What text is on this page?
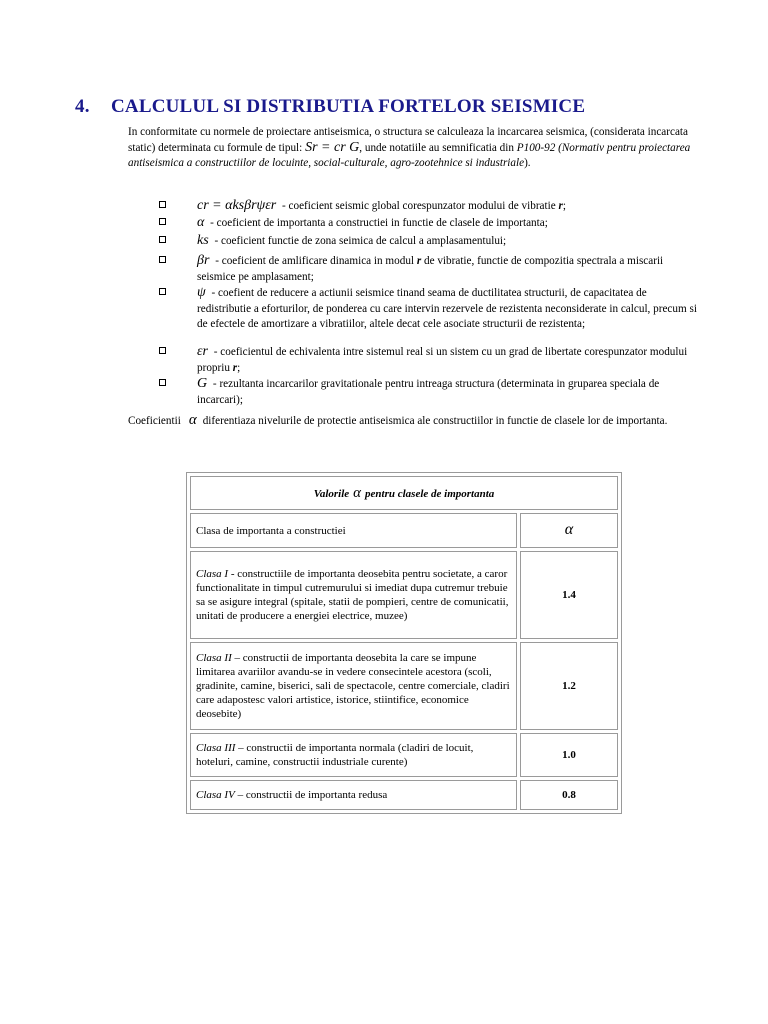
4. CALCULUL SI DISTRIBUTIA FORTELOR SEISMICE
In conformitate cu normele de proiectare antiseismica, o structura se calculeaza la incarcarea seismica, (considerata incarcata static) determinata cu formule de tipul: Sr = cr G, unde notatiile au semnificatia din P100-92 (Normativ pentru proiectarea antiseismica a constructiilor de locuinte, social-culturale, agro-zootehnice si industriale).
cr = αksβrψεr - coeficient seismic global corespunzator modului de vibratie r;
α - coeficient de importanta a constructiei in functie de clasele de importanta;
ks - coeficient functie de zona seimica de calcul a amplasamentului;
βr - coeficient de amlificare dinamica in modul r de vibratie, functie de compozitia spectrala a miscarii seismice pe amplasament;
ψ - coefient de reducere a actiunii seismice tinand seama de ductilitatea structurii, de capacitatea de redistributie a eforturilor, de ponderea cu care intervin rezervele de rezistenta neconsiderate in calcul, precum si de efectele de amortizare a vibratiilor, altele decat cele asociate structurii de rezistenta;
εr - coeficientul de echivalenta intre sistemul real si un sistem cu un grad de libertate corespunzator modului propriu r;
G - rezultanta incarcarilor gravitationale pentru intreaga structura (determinata in gruparea speciala de incarcari);
Coeficientii α diferentiaza nivelurile de protectie antiseismica ale constructiilor in functie de clasele lor de importanta.
Valorile α pentru clasele de importanta	
Clasa de importanta a constructiei	α
Clasa I - constructiile de importanta deosebita pentru societate, a caror functionalitate in timpul cutremurului si imediat dupa cutremur trebuie sa se asigure integral (spitale, statii de pompieri, centre de comunicatii, unitati de producere a energiei electrice, muzee)	1.4
Clasa II – constructii de importanta deosebita la care se impune limitarea avariilor avandu-se in vedere consecintele acestora (scoli, gradinite, camine, biserici, sali de spectacole, centre comerciale, cladiri care adapostesc valori artistice, istorice, stiintifice, economice deosebite)	1.2
Clasa III – constructii de importanta normala (cladiri de locuit, hoteluri, camine, constructii industriale curente)	1.0
Clasa IV – constructii de importanta redusa	0.8
